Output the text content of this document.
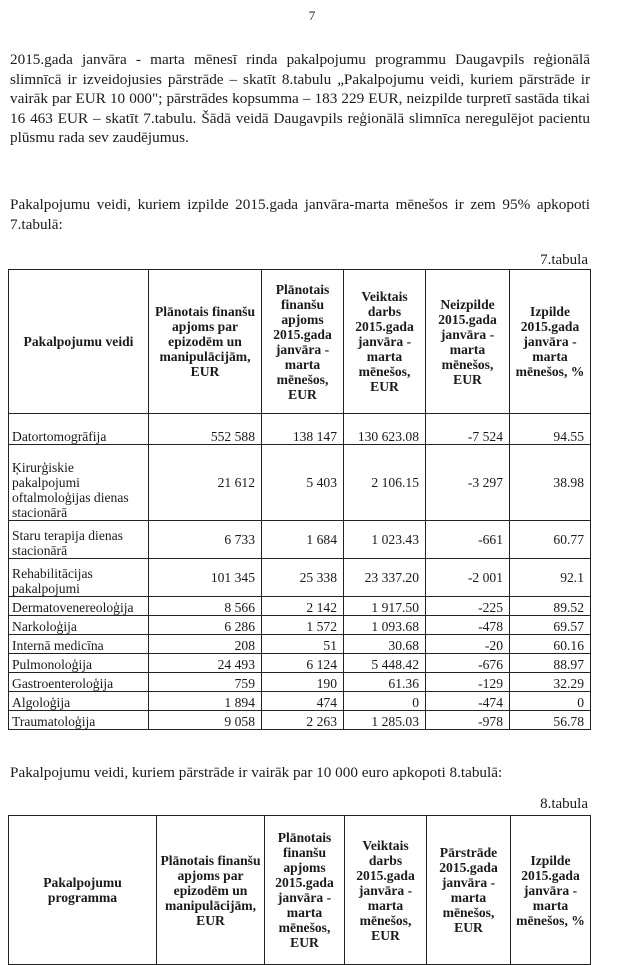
7

2015.gada janvāra - marta mēnesī rinda pakalpojumu programmu Daugavpils reģionālā slimnīcā ir izveidojusies pārstrāde – skatīt 8.tabulu „Pakalpojumu veidi, kuriem pārstrāde ir vairāk par EUR 10 000"; pārstrādes kopsumma – 183 229 EUR, neizpilde turpretī sastāda tikai 16 463 EUR – skatīt 7.tabulu. Šādā veidā Daugavpils reģionālā slimnīca neregulējot pacientu plūsmu rada sev zaudējumus.

Pakalpojumu veidi, kuriem izpilde 2015.gada janvāra-marta mēnešos ir zem 95% apkopoti 7.tabulā:

7.tabula
Pakalpojumu veidi	Plānotais finanšu apjoms par epizodēm un manipulācijām, EUR	Plānotais finanšu apjoms 2015.gada janvāra - marta mēnešos, EUR	Veiktais darbs 2015.gada janvāra - marta mēnešos, EUR	Neizpilde 2015.gada janvāra - marta mēnešos, EUR	Izpilde 2015.gada janvāra - marta mēnešos, %
Datortomogrāfija	552 588	138 147	130 623.08	-7 524	94.55
Ķirurģiskie pakalpojumi oftalmoloģijas dienas stacionārā	21 612	5 403	2 106.15	-3 297	38.98
Staru terapija dienas stacionārā	6 733	1 684	1 023.43	-661	60.77
Rehabilitācijas pakalpojumi	101 345	25 338	23 337.20	-2 001	92.1
Dermatovenereoloģija	8 566	2 142	1 917.50	-225	89.52
Narkoloģija	6 286	1 572	1 093.68	-478	69.57
Internā medicīna	208	51	30.68	-20	60.16
Pulmonoloģija	24 493	6 124	5 448.42	-676	88.97
Gastroenteroloģija	759	190	61.36	-129	32.29
Algoloģija	1 894	474	0	-474	0
Traumatoloģija	9 058	2 263	1 285.03	-978	56.78

Pakalpojumu veidi, kuriem pārstrāde ir vairāk par 10 000 euro apkopoti 8.tabulā:

8.tabula
Pakalpojumu programma	Plānotais finanšu apjoms par epizodēm un manipulācijām, EUR	Plānotais finanšu apjoms 2015.gada janvāra - marta mēnešos, EUR	Veiktais darbs 2015.gada janvāra - marta mēnešos, EUR	Pārstrāde 2015.gada janvāra - marta mēnešos, EUR	Izpilde 2015.gada janvāra - marta mēnešos, %
